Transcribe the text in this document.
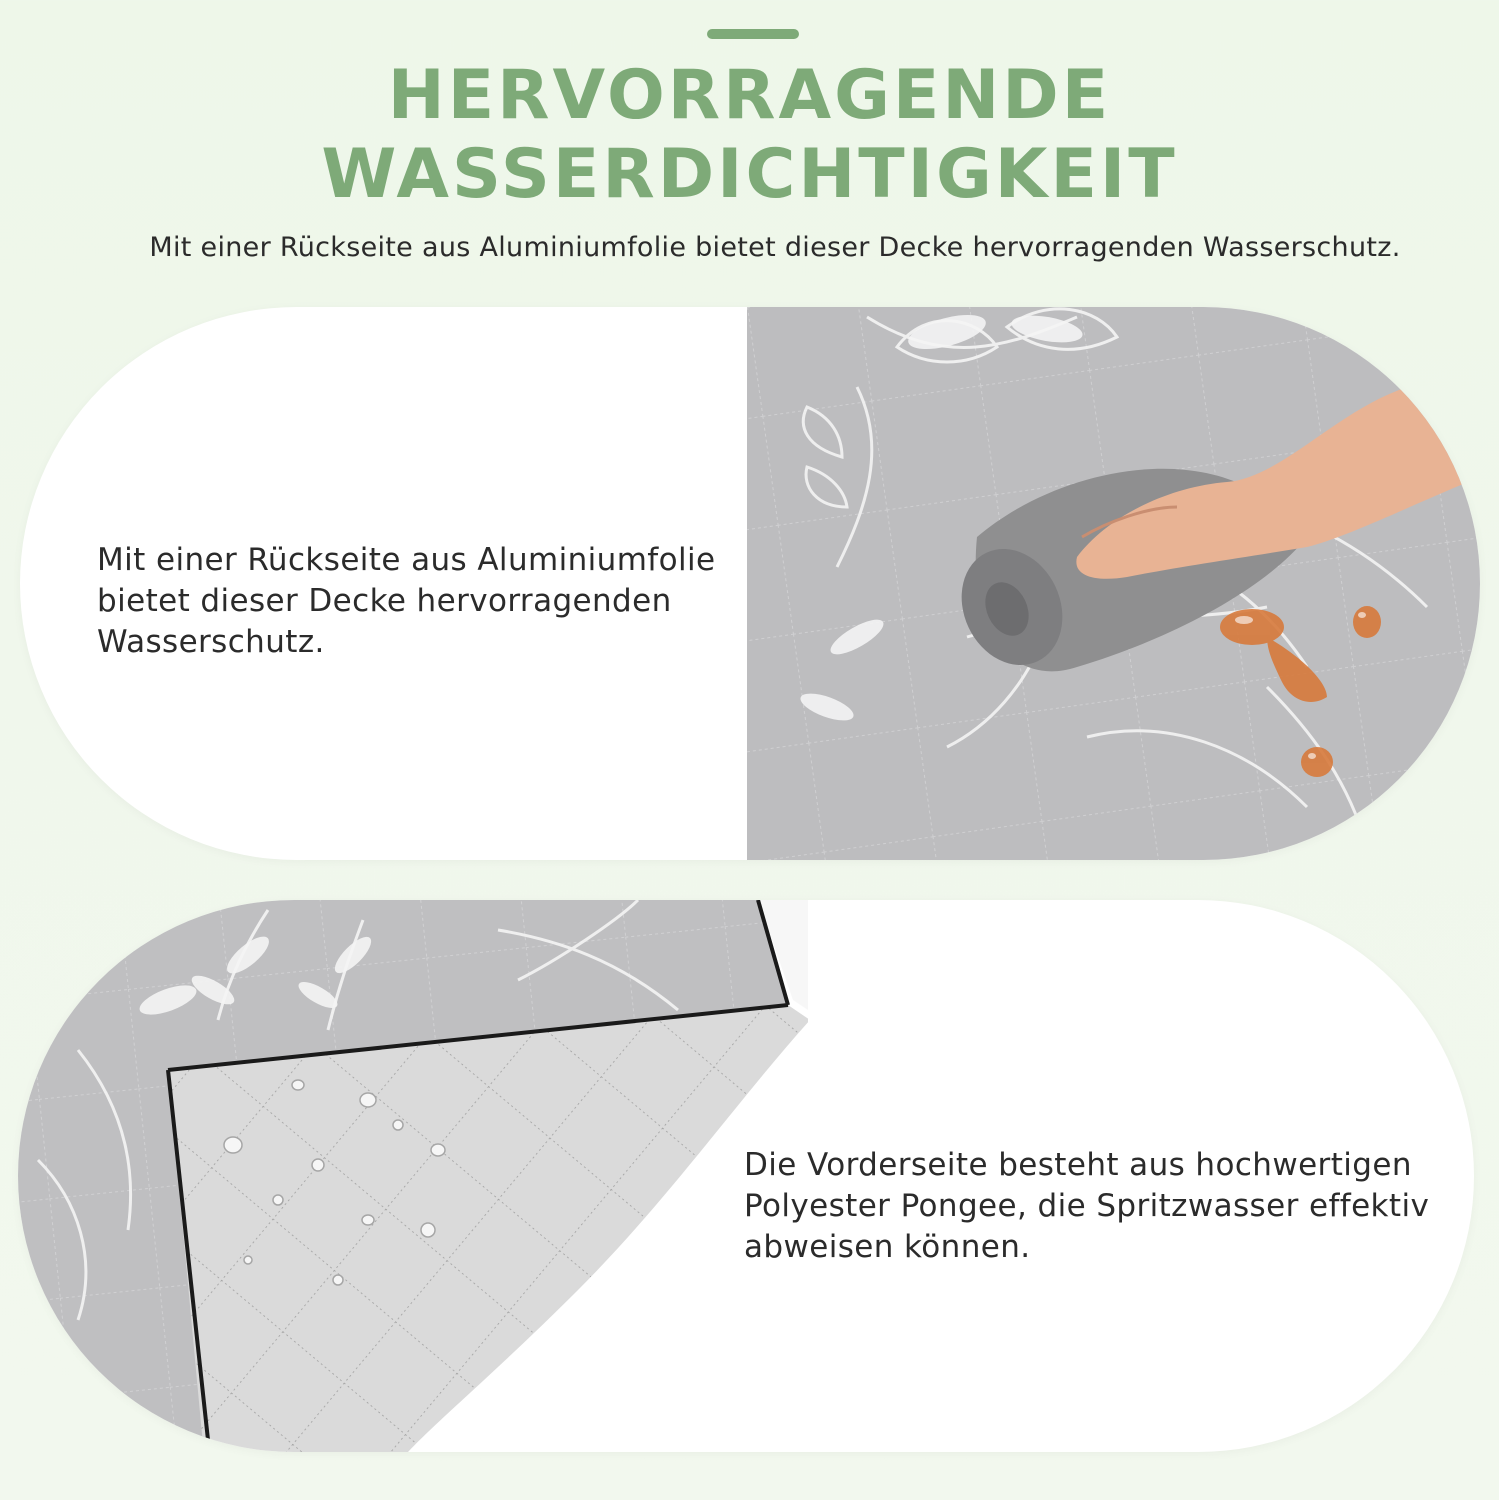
HERVORRAGENDE
WASSERDICHTIGKEIT

Mit einer Rückseite aus Aluminiumfolie bietet dieser Decke hervorragenden Wasserschutz.

Mit einer Rückseite aus Aluminiumfolie bietet dieser Decke hervorragenden Wasserschutz.

Die Vorderseite besteht aus hochwertigen Polyester Pongee, die Spritzwasser effektiv abweisen können.
